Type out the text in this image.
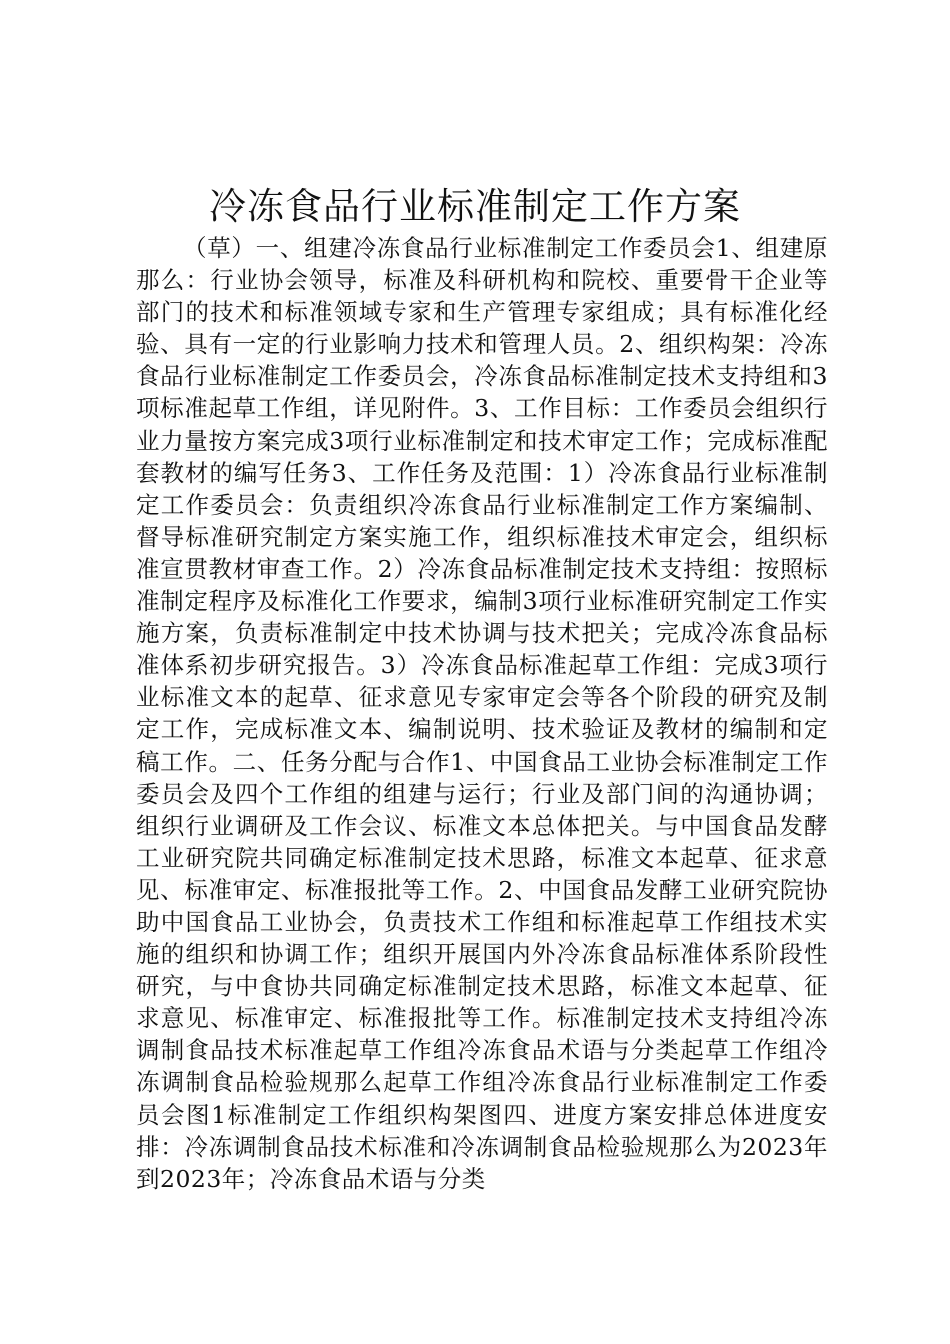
冷冻食品行业标准制定工作方案

（草）一、组建冷冻食品行业标准制定工作委员会1、组建原那么：行业协会领导，标准及科研机构和院校、重要骨干企业等部门的技术和标准领域专家和生产管理专家组成；具有标准化经验、具有一定的行业影响力技术和管理人员。2、组织构架：冷冻食品行业标准制定工作委员会，冷冻食品标准制定技术支持组和3项标准起草工作组，详见附件。3、工作目标：工作委员会组织行业力量按方案完成3项行业标准制定和技术审定工作；完成标准配套教材的编写任务3、工作任务及范围：1）冷冻食品行业标准制定工作委员会：负责组织冷冻食品行业标准制定工作方案编制、督导标准研究制定方案实施工作，组织标准技术审定会，组织标准宣贯教材审查工作。2）冷冻食品标准制定技术支持组：按照标准制定程序及标准化工作要求，编制3项行业标准研究制定工作实施方案，负责标准制定中技术协调与技术把关；完成冷冻食品标准体系初步研究报告。3）冷冻食品标准起草工作组：完成3项行业标准文本的起草、征求意见专家审定会等各个阶段的研究及制定工作，完成标准文本、编制说明、技术验证及教材的编制和定稿工作。二、任务分配与合作1、中国食品工业协会标准制定工作委员会及四个工作组的组建与运行；行业及部门间的沟通协调；组织行业调研及工作会议、标准文本总体把关。与中国食品发酵工业研究院共同确定标准制定技术思路，标准文本起草、征求意见、标准审定、标准报批等工作。2、中国食品发酵工业研究院协助中国食品工业协会，负责技术工作组和标准起草工作组技术实施的组织和协调工作；组织开展国内外冷冻食品标准体系阶段性研究，与中食协共同确定标准制定技术思路，标准文本起草、征求意见、标准审定、标准报批等工作。标准制定技术支持组冷冻调制食品技术标准起草工作组冷冻食品术语与分类起草工作组冷冻调制食品检验规那么起草工作组冷冻食品行业标准制定工作委员会图1标准制定工作组织构架图四、进度方案安排总体进度安排：冷冻调制食品技术标准和冷冻调制食品检验规那么为2023年到2023年；冷冻食品术语与分类
